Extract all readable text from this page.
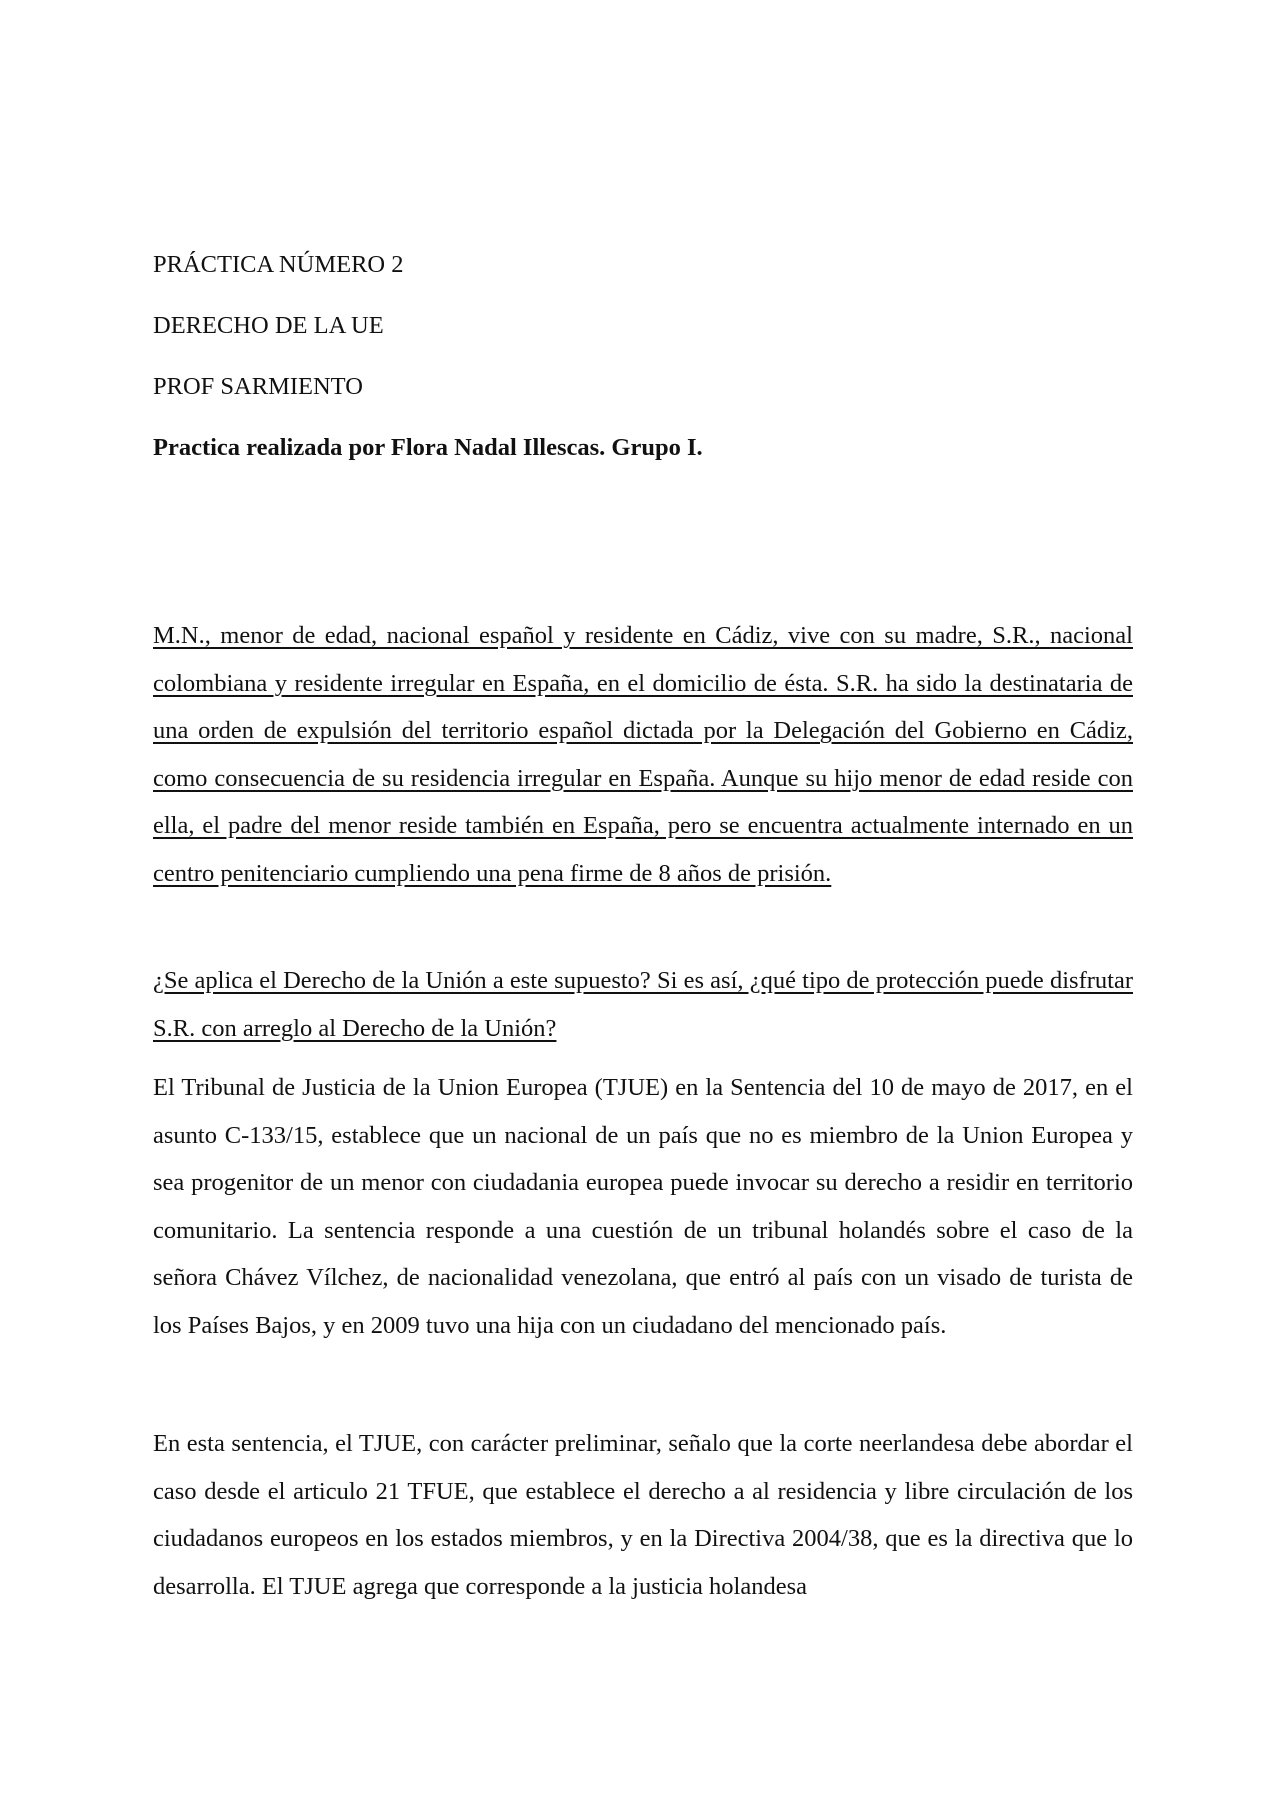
PRÁCTICA NÚMERO 2

DERECHO DE LA UE

PROF SARMIENTO

Practica realizada por Flora Nadal Illescas. Grupo I.

M.N., menor de edad, nacional español y residente en Cádiz, vive con su madre, S.R., nacional colombiana y residente irregular en España, en el domicilio de ésta. S.R. ha sido la destinataria de una orden de expulsión del territorio español dictada por la Delegación del Gobierno en Cádiz, como consecuencia de su residencia irregular en España. Aunque su hijo menor de edad reside con ella, el padre del menor reside también en España, pero se encuentra actualmente internado en un centro penitenciario cumpliendo una pena firme de 8 años de prisión.

¿Se aplica el Derecho de la Unión a este supuesto? Si es así, ¿qué tipo de protección puede disfrutar S.R. con arreglo al Derecho de la Unión?

El Tribunal de Justicia de la Union Europea (TJUE) en la Sentencia del 10 de mayo de 2017, en el asunto C-133/15, establece que un nacional de un país que no es miembro de la Union Europea y sea progenitor de un menor con ciudadania europea puede invocar su derecho a residir en territorio comunitario. La sentencia responde a una cuestión de un tribunal holandés sobre el caso de la señora Chávez Vílchez, de nacionalidad venezolana, que entró al país con un visado de turista de los Países Bajos, y en 2009 tuvo una hija con un ciudadano del mencionado país.

En esta sentencia, el TJUE, con carácter preliminar, señalo que la corte neerlandesa debe abordar el caso desde el articulo 21 TFUE, que establece el derecho a al residencia y libre circulación de los ciudadanos europeos en los estados miembros, y en la Directiva 2004/38, que es la directiva que lo desarrolla. El TJUE agrega que corresponde a la justicia holandesa
